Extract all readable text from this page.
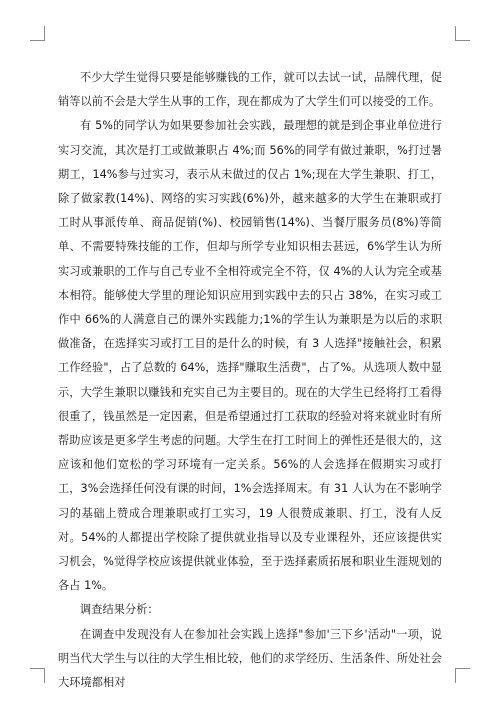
不少大学生觉得只要是能够赚钱的工作，就可以去试一试，品牌代理，促销等以前不会是大学生从事的工作，现在都成为了大学生们可以接受的工作。

有 5%的同学认为如果要参加社会实践，最理想的就是到企事业单位进行实习交流，其次是打工或做兼职占 4%;而 56%的同学有做过兼职，%打过暑期工，14%参与过实习，表示从未做过的仅占 1%;现在大学生兼职、打工，除了做家教(14%)、网络的实习实践(6%)外，越来越多的大学生在兼职或打工时从事派传单、商品促销(%)、校园销售(14%)、当餐厅服务员(8%)等简单、不需要特殊技能的工作，但却与所学专业知识相去甚远，6%学生认为所实习或兼职的工作与自己专业不全相符或完全不符，仅 4%的人认为完全或基本相符。能够使大学里的理论知识应用到实践中去的只占 38%，在实习或工作中 66%的人满意自己的课外实践能力;1%的学生认为兼职是为以后的求职做准备，在选择实习或打工目的是什么的时候，有 3 人选择"接触社会，积累工作经验"，占了总数的 64%，选择"赚取生活费"，占了%。从选项人数中显示，大学生兼职以赚钱和充实自己为主要目的。现在的大学生已经将打工看得很重了，钱虽然是一定因素，但是希望通过打工获取的经验对将来就业时有所帮助应该是更多学生考虑的问题。大学生在打工时间上的弹性还是很大的，这应该和他们宽松的学习环境有一定关系。56%的人会选择在假期实习或打工，3%会选择任何没有课的时间，1%会选择周末。有 31 人认为在不影响学习的基础上赞成合理兼职或打工实习，19 人很赞成兼职、打工，没有人反对。54%的人都提出学校除了提供就业指导以及专业课程外，还应该提供实习机会，%觉得学校应该提供就业体验，至于选择素质拓展和职业生涯规划的各占 1%。

调查结果分析：

在调查中发现没有人在参加社会实践上选择"参加'三下乡'活动"一项，说明当代大学生与以往的大学生相比较，他们的求学经历、生活条件、所处社会大环境都相对
